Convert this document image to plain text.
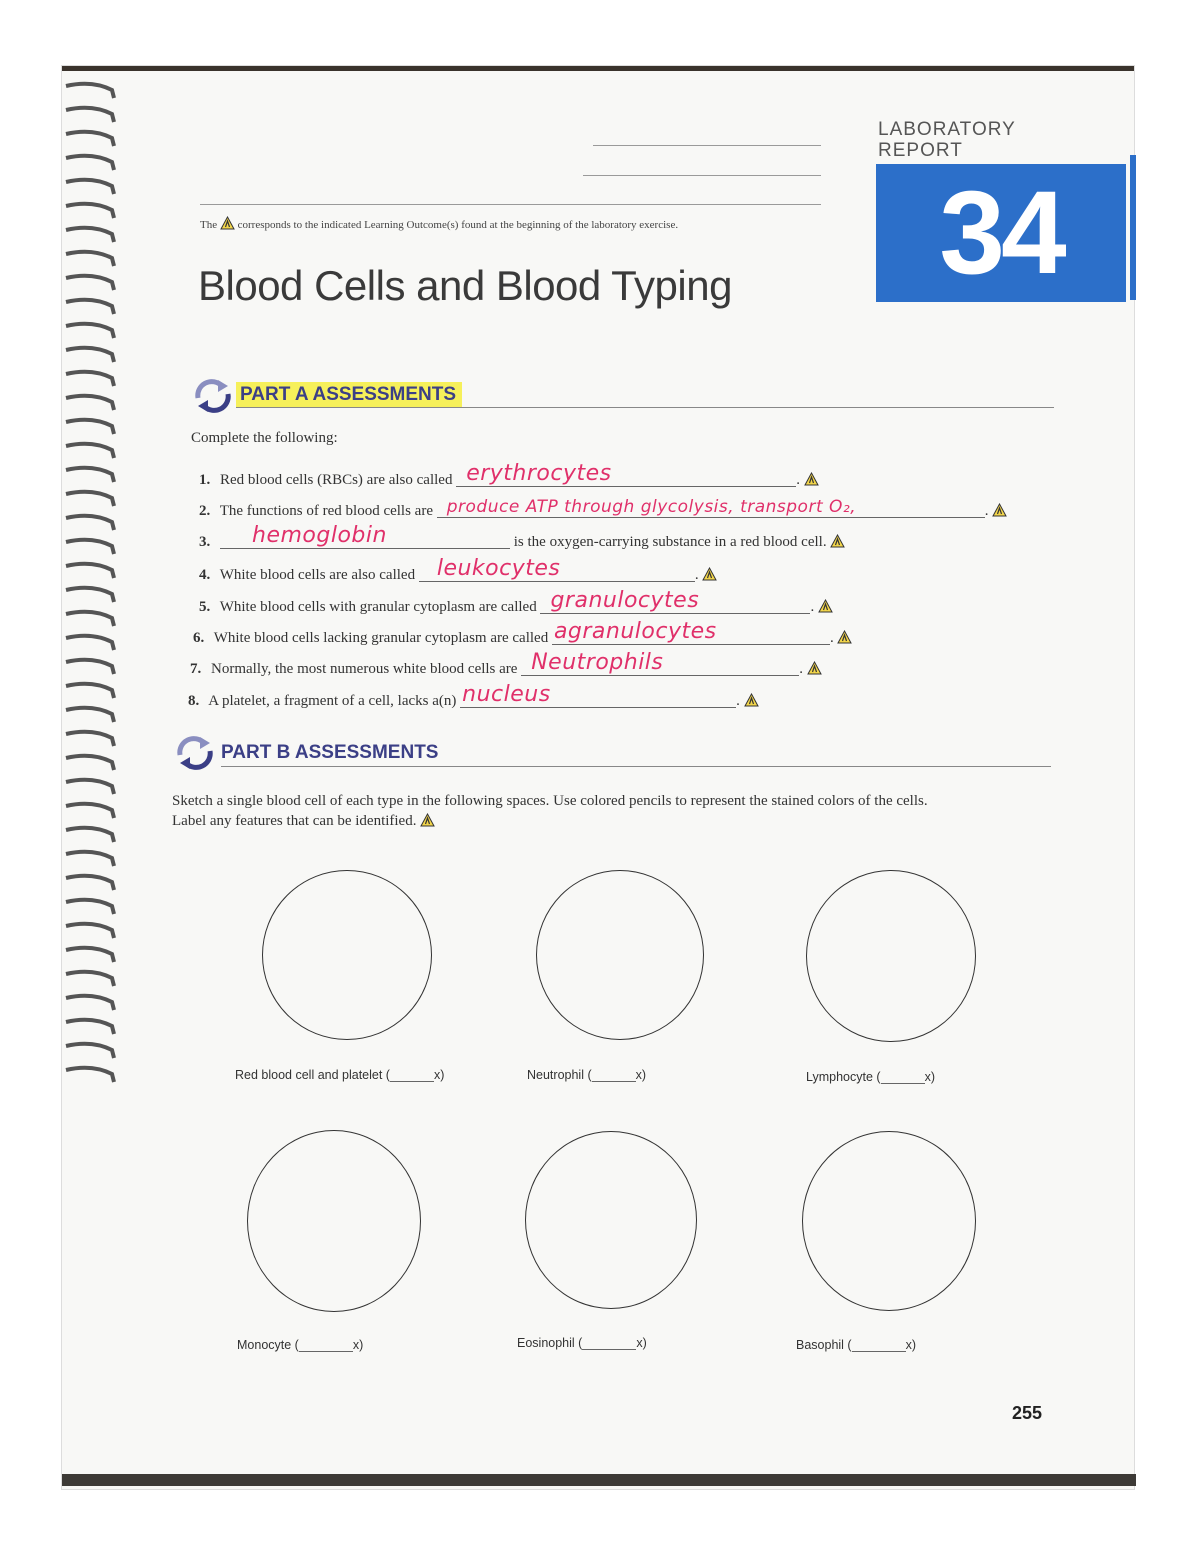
LABORATORY
REPORT
34
The corresponds to the indicated Learning Outcome(s) found at the beginning of the laboratory exercise.
Blood Cells and Blood Typing
PART A ASSESSMENTS
Complete the following:
1. Red blood cells (RBCs) are also called erythrocytes	.
2. The functions of red blood cells are produce ATP through glycolysis, transport O₂,	.
3. hemoglobin	is the oxygen-carrying substance in a red blood cell.
4. White blood cells are also called leukocytes	.
5. White blood cells with granular cytoplasm are called granulocytes	.
6. White blood cells lacking granular cytoplasm are called agranulocytes	.
7. Normally, the most numerous white blood cells are Neutrophils	.
8. A platelet, a fragment of a cell, lacks a(n) nucleus	.
PART B ASSESSMENTS
Sketch a single blood cell of each type in the following spaces. Use colored pencils to represent the stained colors of the cells.
Label any features that can be identified.
Red blood cell and platelet (	x)	Neutrophil (	x)	Lymphocyte (	x)
Monocyte (	x)	Eosinophil (	x)	Basophil (	x)
255
